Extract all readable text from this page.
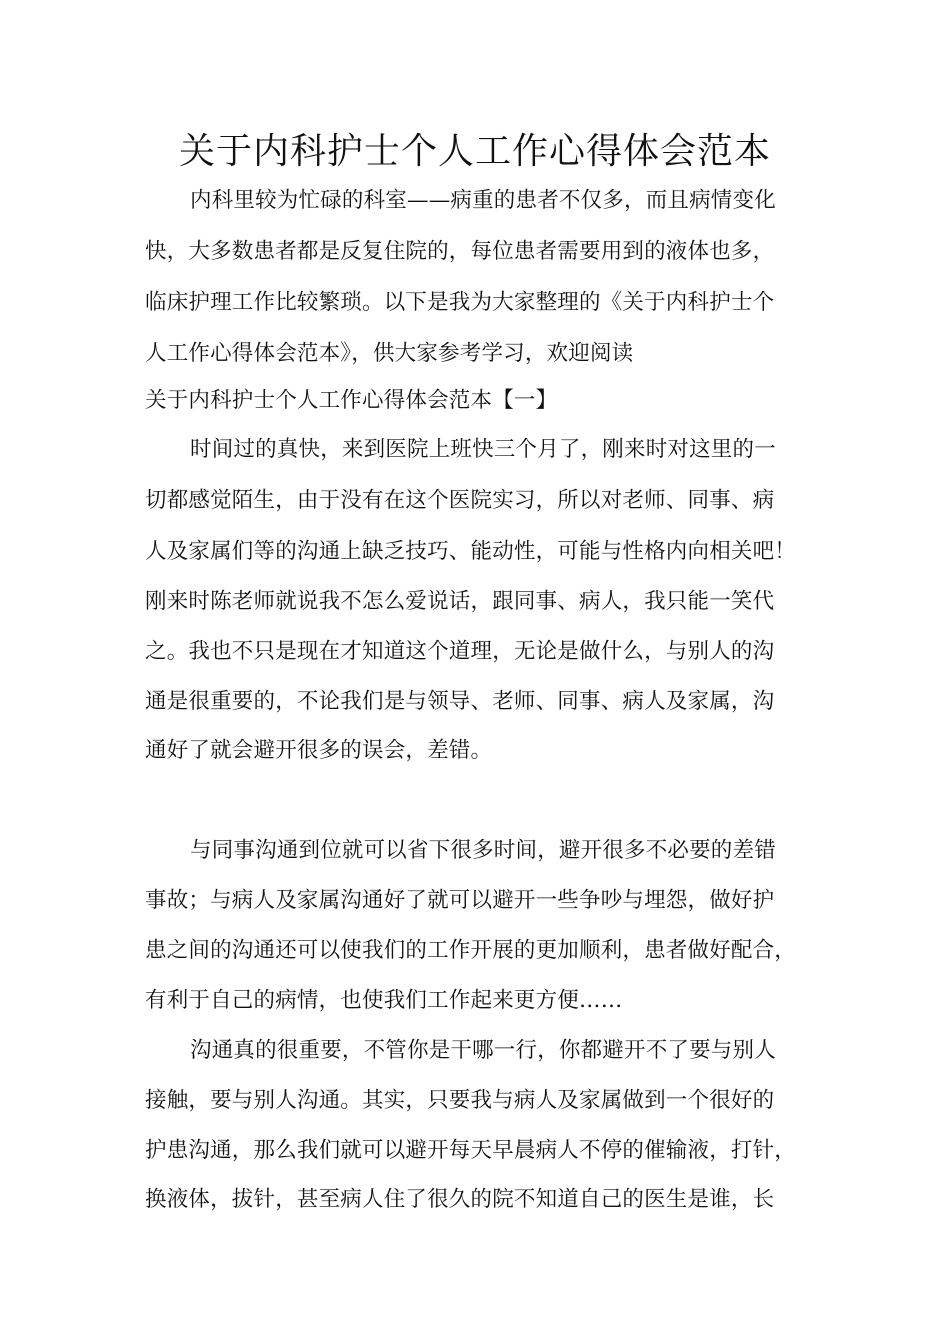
关于内科护士个人工作心得体会范本
内科里较为忙碌的科室——病重的患者不仅多，而且病情变化
快，大多数患者都是反复住院的，每位患者需要用到的液体也多，
临床护理工作比较繁琐。以下是我为大家整理的《关于内科护士个
人工作心得体会范本》，供大家参考学习，欢迎阅读
关于内科护士个人工作心得体会范本【一】
时间过的真快，来到医院上班快三个月了，刚来时对这里的一
切都感觉陌生，由于没有在这个医院实习，所以对老师、同事、病
人及家属们等的沟通上缺乏技巧、能动性，可能与性格内向相关吧！
刚来时陈老师就说我不怎么爱说话，跟同事、病人，我只能一笑代
之。我也不只是现在才知道这个道理，无论是做什么，与别人的沟
通是很重要的，不论我们是与领导、老师、同事、病人及家属，沟
通好了就会避开很多的误会，差错。
与同事沟通到位就可以省下很多时间，避开很多不必要的差错
事故；与病人及家属沟通好了就可以避开一些争吵与埋怨，做好护
患之间的沟通还可以使我们的工作开展的更加顺利，患者做好配合，
有利于自己的病情，也使我们工作起来更方便……
沟通真的很重要，不管你是干哪一行，你都避开不了要与别人
接触，要与别人沟通。其实，只要我与病人及家属做到一个很好的
护患沟通，那么我们就可以避开每天早晨病人不停的催输液，打针，
换液体，拔针，甚至病人住了很久的院不知道自己的医生是谁，长
